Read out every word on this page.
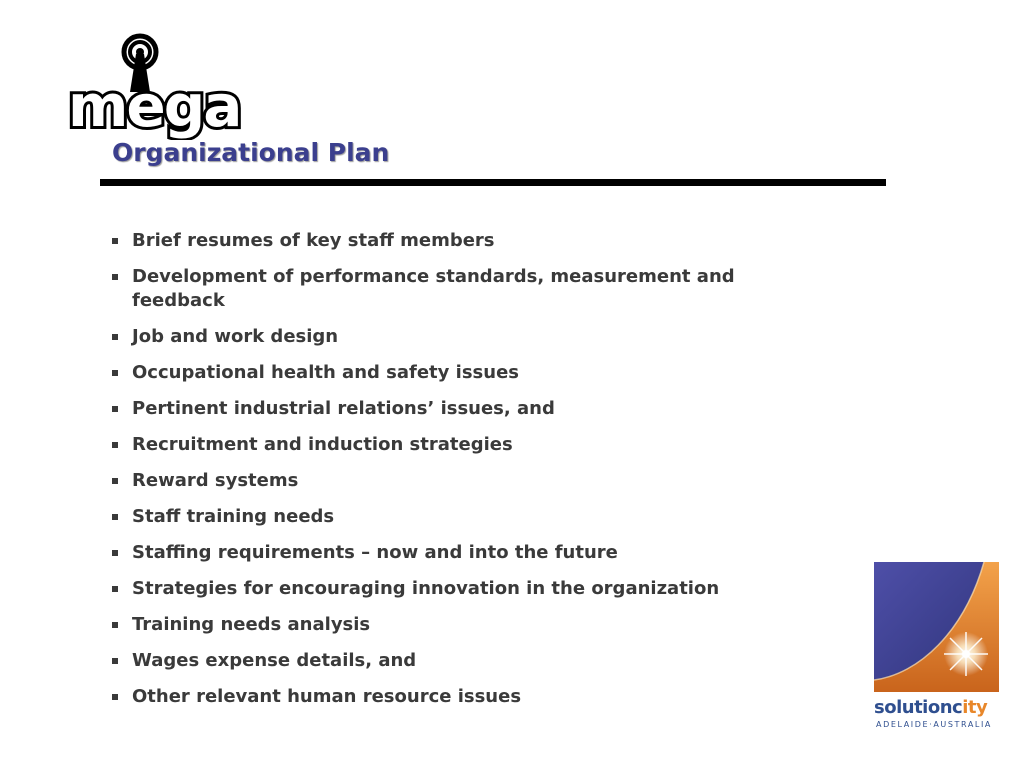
mega
Organizational Plan
Brief resumes of key staff members
Development of performance standards, measurement and feedback
Job and work design
Occupational health and safety issues
Pertinent industrial relations’ issues, and
Recruitment and induction strategies
Reward systems
Staff training needs
Staffing requirements – now and into the future
Strategies for encouraging innovation in the organization
Training needs analysis
Wages expense details, and
Other relevant human resource issues
solutioncity
ADELAIDE·AUSTRALIA
